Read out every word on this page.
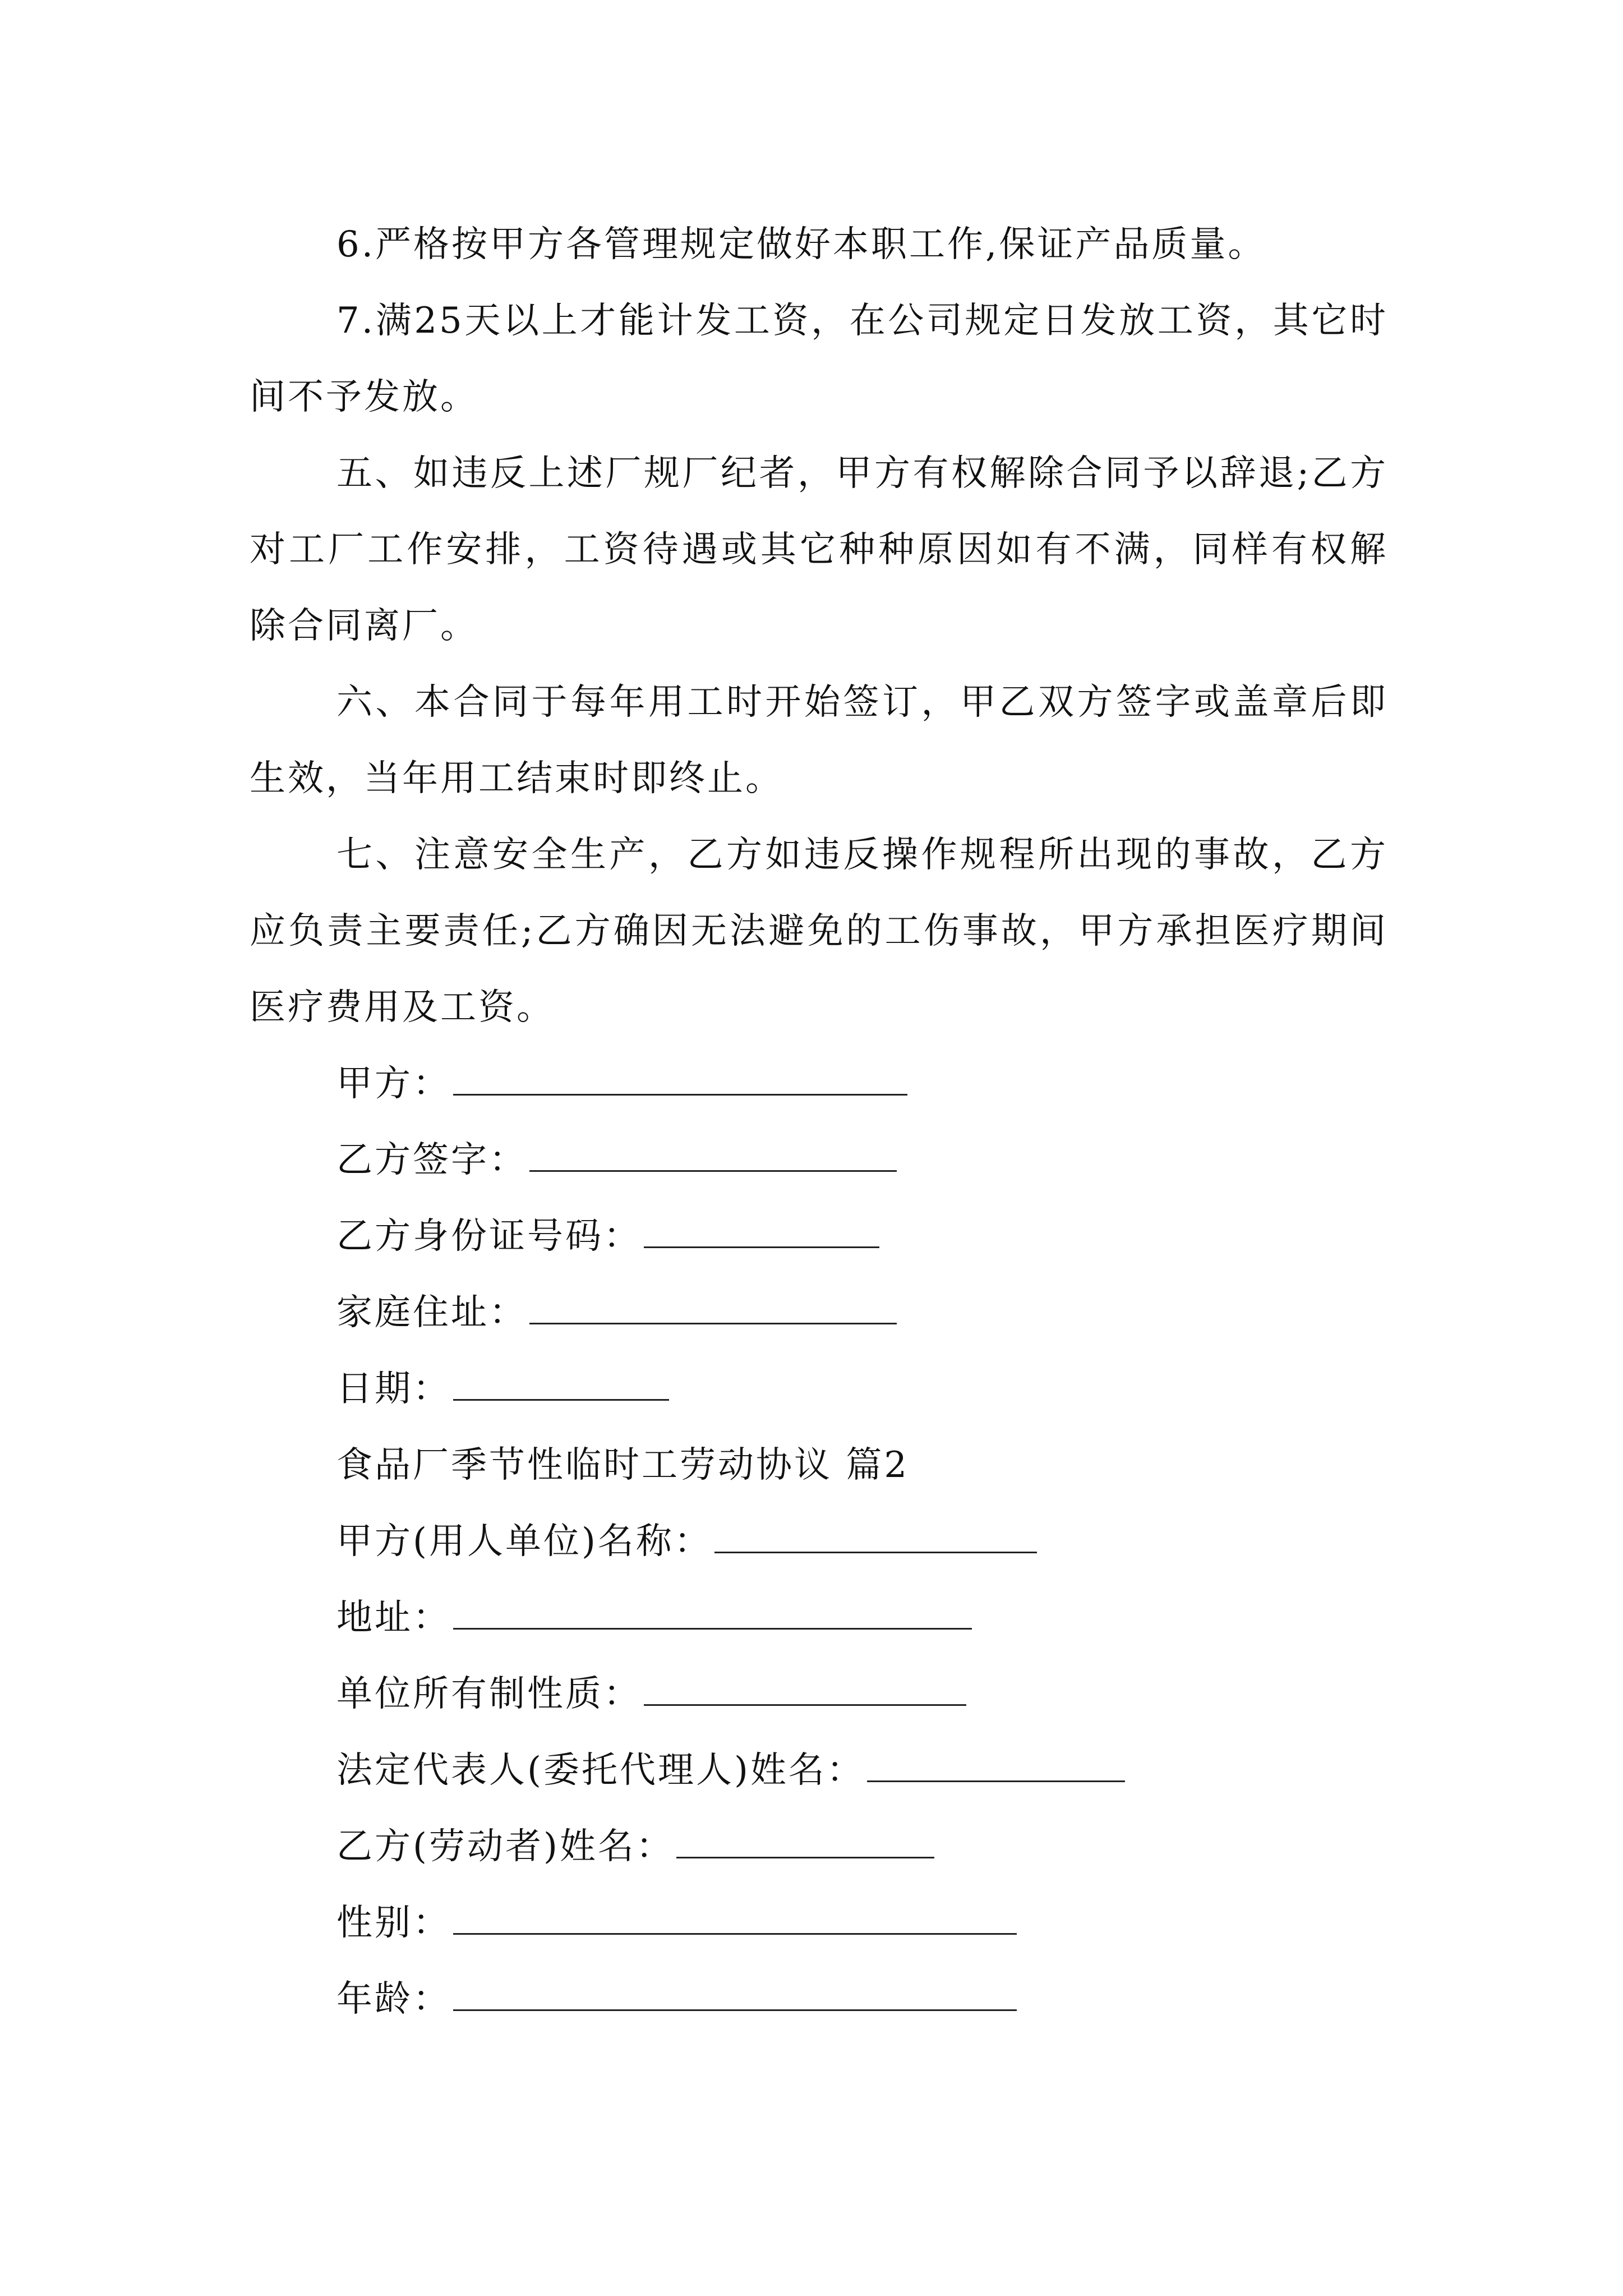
6.严格按甲方各管理规定做好本职工作,保证产品质量。

7.满25天以上才能计发工资，在公司规定日发放工资，其它时间不予发放。

五、如违反上述厂规厂纪者，甲方有权解除合同予以辞退;乙方对工厂工作安排，工资待遇或其它种种原因如有不满，同样有权解除合同离厂。

六、本合同于每年用工时开始签订，甲乙双方签字或盖章后即生效，当年用工结束时即终止。

七、注意安全生产，乙方如违反操作规程所出现的事故，乙方应负责主要责任;乙方确因无法避免的工伤事故，甲方承担医疗期间医疗费用及工资。

甲方：
乙方签字：
乙方身份证号码：
家庭住址：
日期：
食品厂季节性临时工劳动协议 篇2
甲方(用人单位)名称：
地址：
单位所有制性质：
法定代表人(委托代理人)姓名：
乙方(劳动者)姓名：
性别：
年龄：
